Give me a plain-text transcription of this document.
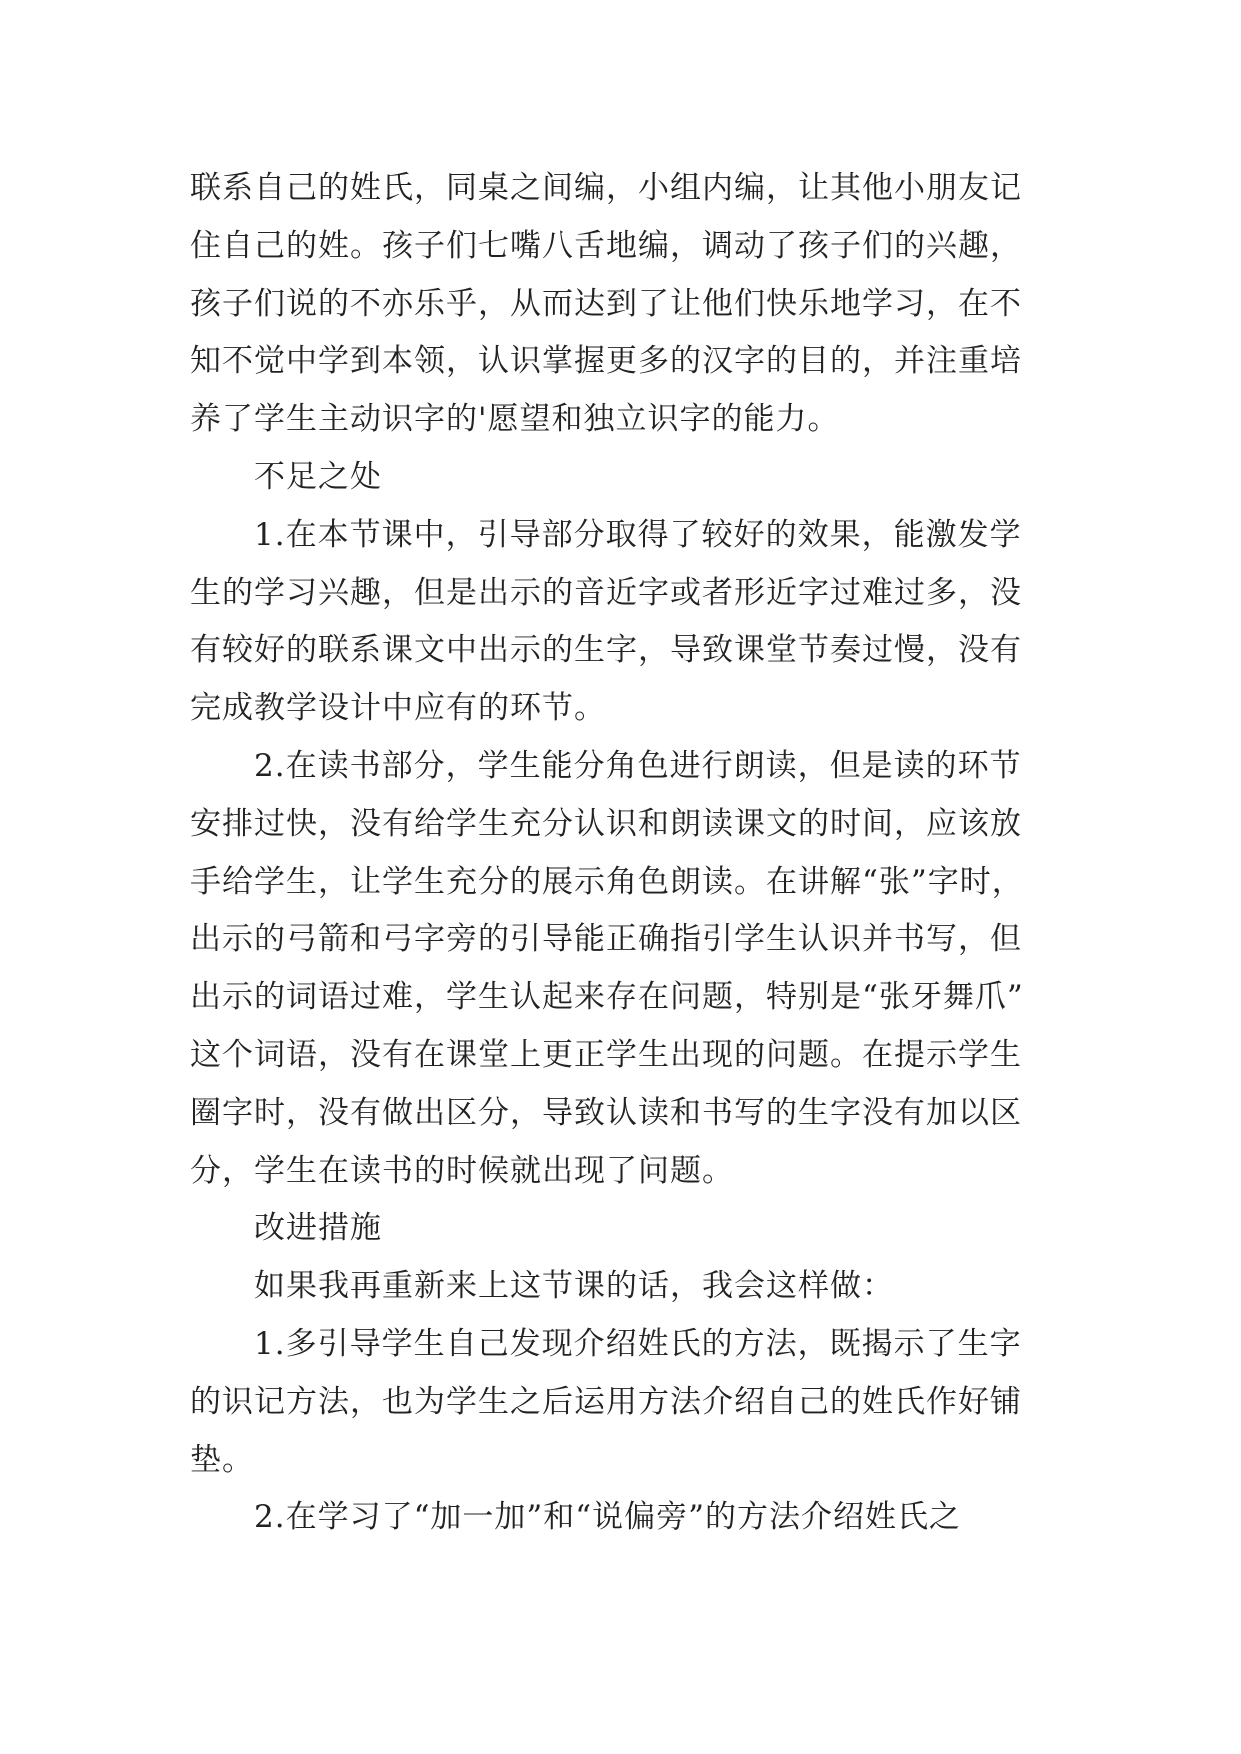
联系自己的姓氏，同桌之间编，小组内编，让其他小朋友记
住自己的姓。孩子们七嘴八舌地编，调动了孩子们的兴趣，
孩子们说的不亦乐乎，从而达到了让他们快乐地学习，在不
知不觉中学到本领，认识掌握更多的汉字的目的，并注重培
养了学生主动识字的'愿望和独立识字的能力。
不足之处
1.在本节课中，引导部分取得了较好的效果，能激发学
生的学习兴趣，但是出示的音近字或者形近字过难过多，没
有较好的联系课文中出示的生字，导致课堂节奏过慢，没有
完成教学设计中应有的环节。
2.在读书部分，学生能分角色进行朗读，但是读的环节
安排过快，没有给学生充分认识和朗读课文的时间，应该放
手给学生，让学生充分的展示角色朗读。在讲解“张”字时，
出示的弓箭和弓字旁的引导能正确指引学生认识并书写，但
出示的词语过难，学生认起来存在问题，特别是“张牙舞爪”
这个词语，没有在课堂上更正学生出现的问题。在提示学生
圈字时，没有做出区分，导致认读和书写的生字没有加以区
分，学生在读书的时候就出现了问题。
改进措施
如果我再重新来上这节课的话，我会这样做：
1.多引导学生自己发现介绍姓氏的方法，既揭示了生字
的识记方法，也为学生之后运用方法介绍自己的姓氏作好铺
垫。
2.在学习了“加一加”和“说偏旁”的方法介绍姓氏之
